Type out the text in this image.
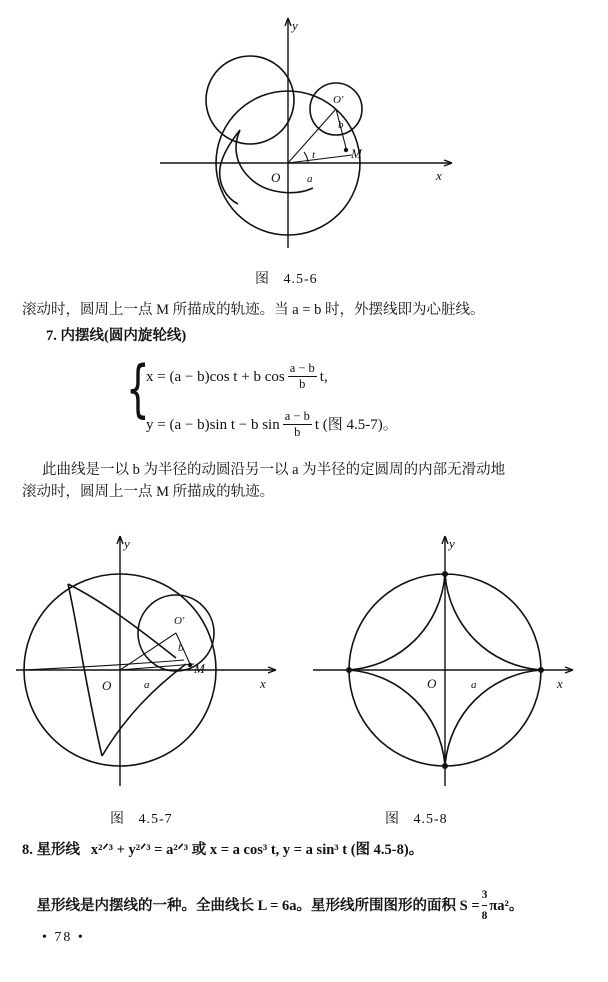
y
x
O
O'
b
M
t
a
图   4.5-6
滚动时，圆周上一点 M 所描成的轨迹。当 a = b 时，外摆线即为心脏线。
7. 内摆线(圆内旋轮线)
{
x = (a − b)cos t + b $\cos \frac{a - b}{b} t$,
y = (a − b)sin t − b $\sin \frac{a - b}{b}$ t (图 4.5-7)。
此曲线是一以 b 为半径的动圆沿另一以 a 为半径的定圆周的内部无滑动地
滚动时，圆周上一点 M 所描成的轨迹。
y
x
O
O'
b
M
a
图   4.5-7
y
x
O	a
图   4.5-8
8. 星形线   x²ᐟ³ + y²ᐟ³ = a²ᐟ³ 或 x = a cos³ t, y = a sin³ t (图 4.5-8)。

星形线是内摆线的一种。全曲线长 L = 6a。星形线所围图形的面积 $S = \frac{3}{8} \pi a^2$。

• 78 •
